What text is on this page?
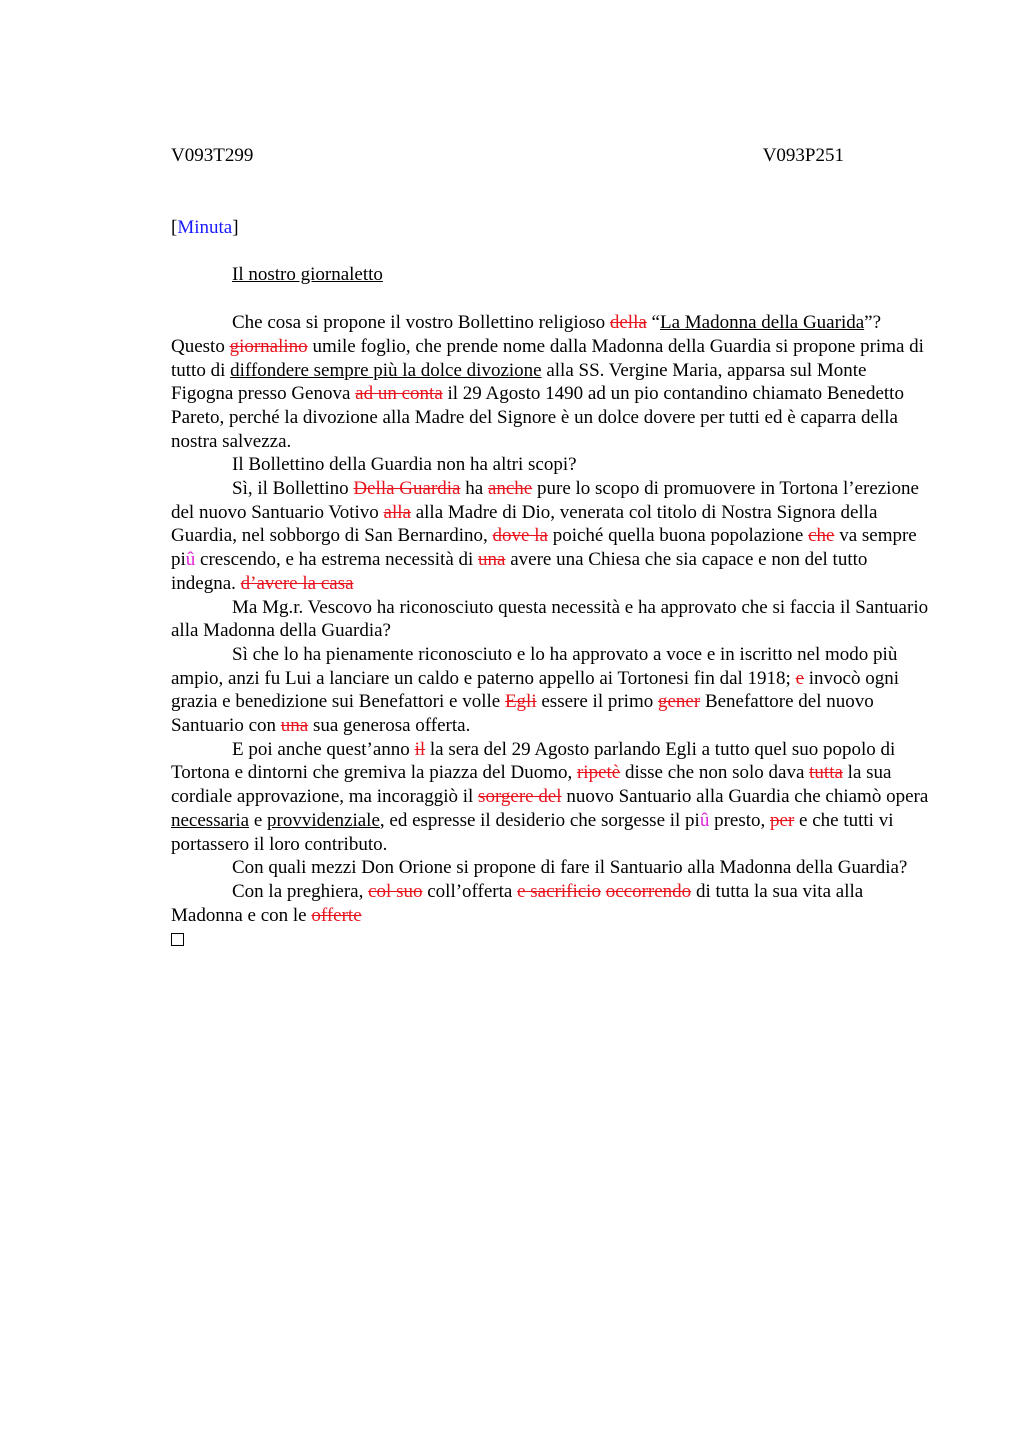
V093T299	V093P251
[Minuta]
Il nostro giornaletto

Che cosa si propone il vostro Bollettino religioso della “La Madonna della Guarida”? Questo giornalino umile foglio, che prende nome dalla Madonna della Guardia si propone prima di tutto di diffondere sempre più la dolce divozione alla SS. Vergine Maria, apparsa sul Monte Figogna presso Genova ad un conta il 29 Agosto 1490 ad un pio contandino chiamato Benedetto Pareto, perché la divozione alla Madre del Signore è un dolce dovere per tutti ed è caparra della nostra salvezza.

Il Bollettino della Guardia non ha altri scopi?

Sì, il Bollettino Della Guardia ha anche pure lo scopo di promuovere in Tortona l’erezione del nuovo Santuario Votivo alla alla Madre di Dio, venerata col titolo di Nostra Signora della Guardia, nel sobborgo di San Bernardino, dove la poiché quella buona popolazione che va sempre piû crescendo, e ha estrema necessità di una avere una Chiesa che sia capace e non del tutto indegna. d’avere la casa

Ma Mg.r. Vescovo ha riconosciuto questa necessità e ha approvato che si faccia il Santuario alla Madonna della Guardia?

Sì che lo ha pienamente riconosciuto e lo ha approvato a voce e in iscritto nel modo più ampio, anzi fu Lui a lanciare un caldo e paterno appello ai Tortonesi fin dal 1918; e invocò ogni grazia e benedizione sui Benefattori e volle Egli essere il primo gener Benefattore del nuovo Santuario con una sua generosa offerta.

E poi anche quest’anno il la sera del 29 Agosto parlando Egli a tutto quel suo popolo di Tortona e dintorni che gremiva la piazza del Duomo, ripetè disse che non solo dava tutta la sua cordiale approvazione, ma incoraggiò il sorgere del nuovo Santuario alla Guardia che chiamò opera necessaria e provvidenziale, ed espresse il desiderio che sorgesse il piû presto, per e che tutti vi portassero il loro contributo.

Con quali mezzi Don Orione si propone di fare il Santuario alla Madonna della Guardia?

Con la preghiera, col suo coll’offerta e sacrificio occorrendo di tutta la sua vita alla Madonna e con le offerte
